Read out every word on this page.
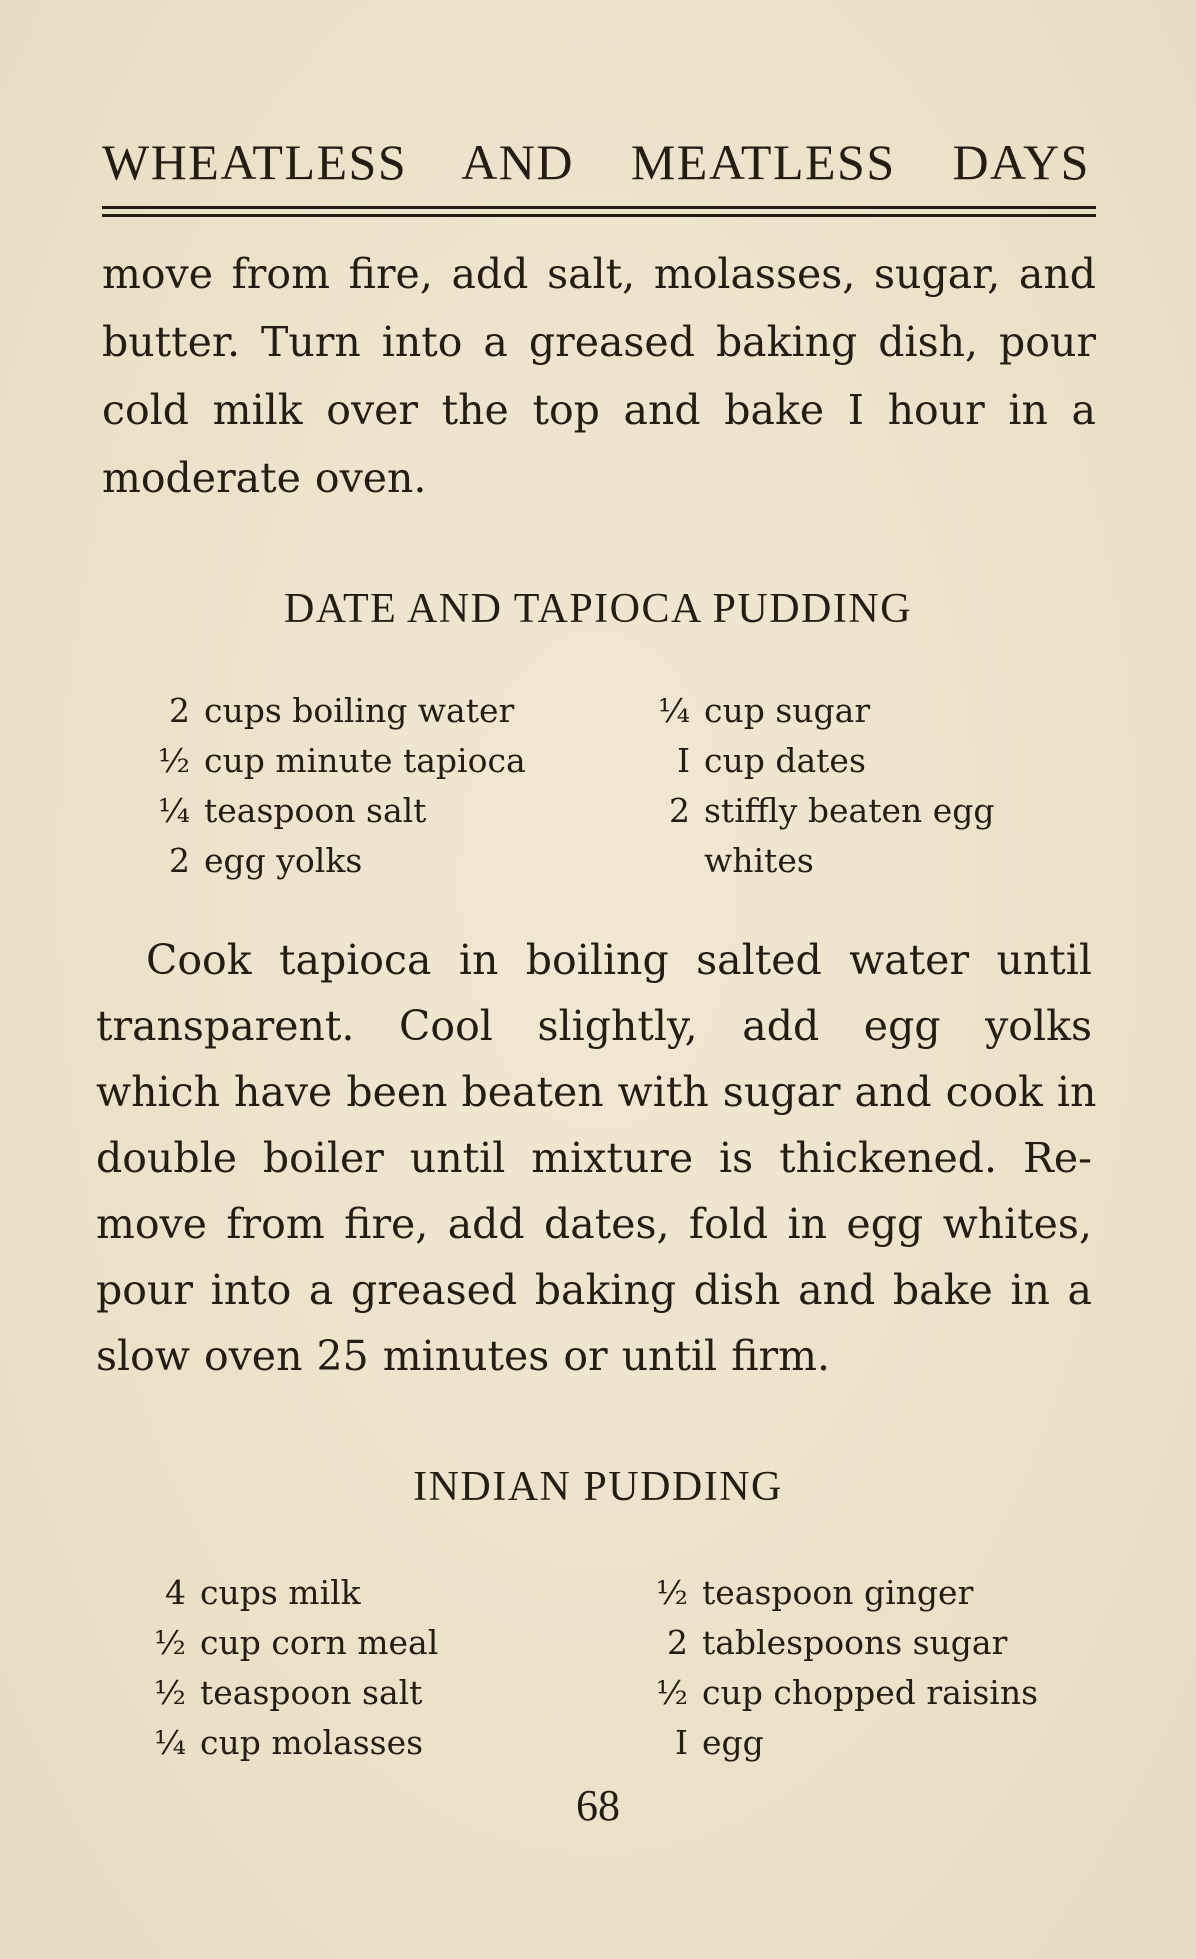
WHEATLESS AND MEATLESS DAYS
move from fire, add salt, molasses, sugar, and
butter. Turn into a greased baking dish, pour
cold milk over the top and bake I hour in a
moderate oven.
DATE AND TAPIOCA PUDDING
2 cups boiling water
½ cup minute tapioca
¼ teaspoon salt
2 egg yolks
¼ cup sugar
I cup dates
2 stiffly beaten egg
whites
Cook tapioca in boiling salted water until
transparent. Cool slightly, add egg yolks
which have been beaten with sugar and cook in
double boiler until mixture is thickened. Re-
move from fire, add dates, fold in egg whites,
pour into a greased baking dish and bake in a
slow oven 25 minutes or until firm.
INDIAN PUDDING
4 cups milk
½ cup corn meal
½ teaspoon salt
¼ cup molasses
½ teaspoon ginger
2 tablespoons sugar
½ cup chopped raisins
I egg
68
